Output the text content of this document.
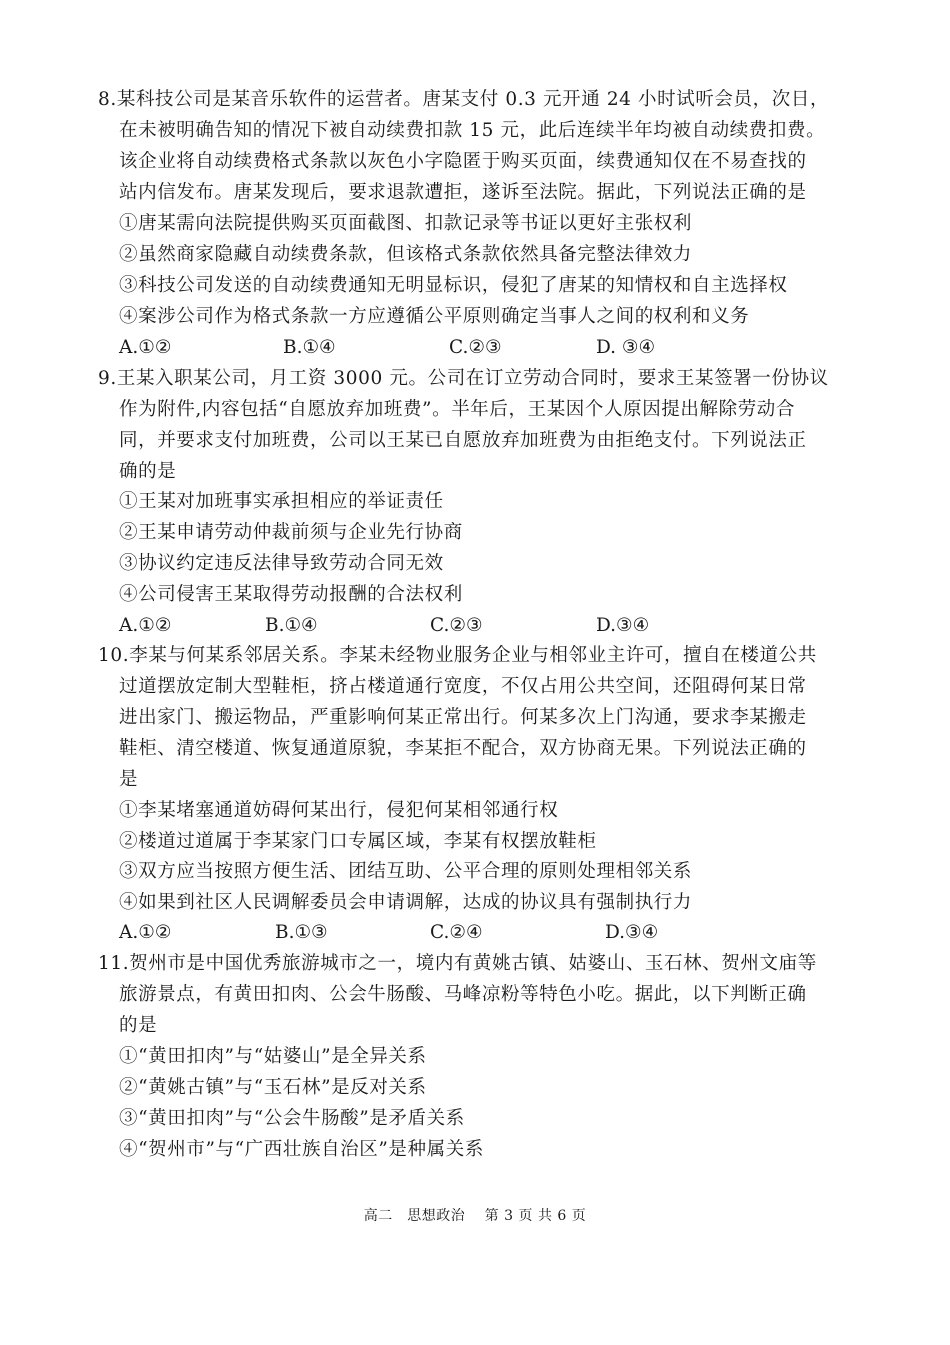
8.某科技公司是某音乐软件的运营者。唐某支付 0.3 元开通 24 小时试听会员，次日，
在未被明确告知的情况下被自动续费扣款 15 元，此后连续半年均被自动续费扣费。
该企业将自动续费格式条款以灰色小字隐匿于购买页面，续费通知仅在不易查找的
站内信发布。唐某发现后，要求退款遭拒，遂诉至法院。据此，下列说法正确的是
①唐某需向法院提供购买页面截图、扣款记录等书证以更好主张权利
②虽然商家隐藏自动续费条款，但该格式条款依然具备完整法律效力
③科技公司发送的自动续费通知无明显标识，侵犯了唐某的知情权和自主选择权
④案涉公司作为格式条款一方应遵循公平原则确定当事人之间的权利和义务
A.①②	B.①④	C.②③	D. ③④
9.王某入职某公司，月工资 3000 元。公司在订立劳动合同时，要求王某签署一份协议
作为附件,内容包括“自愿放弃加班费”。半年后，王某因个人原因提出解除劳动合
同，并要求支付加班费，公司以王某已自愿放弃加班费为由拒绝支付。下列说法正
确的是
①王某对加班事实承担相应的举证责任
②王某申请劳动仲裁前须与企业先行协商
③协议约定违反法律导致劳动合同无效
④公司侵害王某取得劳动报酬的合法权利
A.①②	B.①④	C.②③	D.③④
10.李某与何某系邻居关系。李某未经物业服务企业与相邻业主许可，擅自在楼道公共
过道摆放定制大型鞋柜，挤占楼道通行宽度，不仅占用公共空间，还阻碍何某日常
进出家门、搬运物品，严重影响何某正常出行。何某多次上门沟通，要求李某搬走
鞋柜、清空楼道、恢复通道原貌，李某拒不配合，双方协商无果。下列说法正确的
是
①李某堵塞通道妨碍何某出行，侵犯何某相邻通行权
②楼道过道属于李某家门口专属区域，李某有权摆放鞋柜
③双方应当按照方便生活、团结互助、公平合理的原则处理相邻关系
④如果到社区人民调解委员会申请调解，达成的协议具有强制执行力
A.①②	B.①③	C.②④	D.③④
11.贺州市是中国优秀旅游城市之一，境内有黄姚古镇、姑婆山、玉石林、贺州文庙等
旅游景点，有黄田扣肉、公会牛肠酸、马峰凉粉等特色小吃。据此，以下判断正确
的是
①“黄田扣肉”与“姑婆山”是全异关系
②“黄姚古镇”与“玉石林”是反对关系
③“黄田扣肉”与“公会牛肠酸”是矛盾关系
④“贺州市”与“广西壮族自治区”是种属关系
高二　思想政治　 第 3 页 共 6 页
